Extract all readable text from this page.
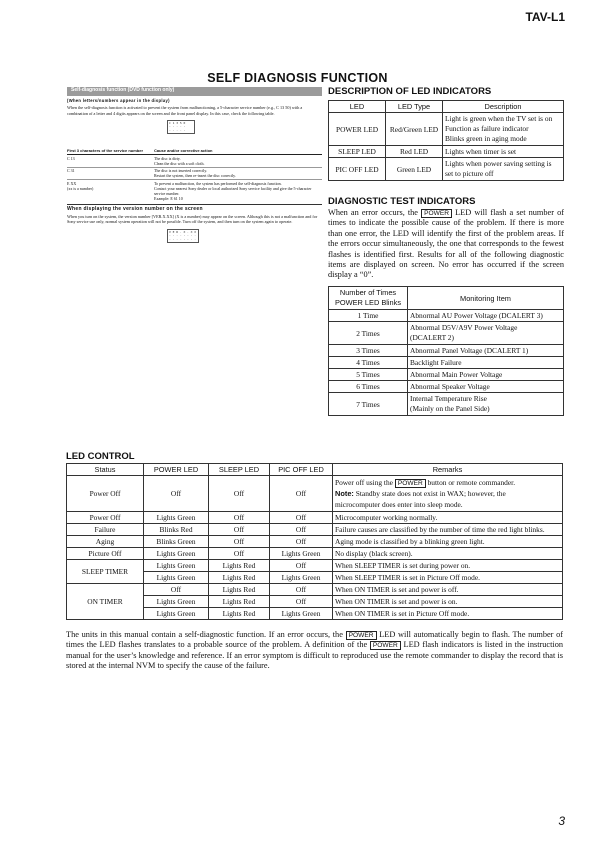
TAV-L1
SELF DIAGNOSIS FUNCTION
Self-diagnosis function (DVD function only)
(When letters/numbers appear in the display)

When the self-diagnosis function is activated to prevent the system from malfunctioning, a 5-character service number (e.g., C 13 50) with a combination of a letter and 4 digits appears on the screen and the front panel display. In this case, check the following table.

C 1 3 5 0
- - - - -
- - - - -
First 3 characters of the service number	Cause and/or corrective action
C 13	The disc is dirty.
Clean the disc with a soft cloth.
C 31	The disc is not inserted correctly.
Restart the system, then re-insert the disc correctly.
E XX
(xx is a number)	To prevent a malfunction, the system has performed the self-diagnosis function.
Contact your nearest Sony dealer or local authorized Sony service facility and give the 5-character service number.
Example: E 61 10
When displaying the version number on the screen

When you turn on the system, the version number [VER.X.XX] (X is a number) may appear on the screen. Although this is not a malfunction and for Sony service use only, normal system operation will not be possible. Turn off the system, and then turn on the system again to operate.

V E R . X . X X
- - - - - - - -
- - - - - - - -
DESCRIPTION OF LED INDICATORS
LED	LED Type	Description
POWER LED	Red/Green LED	Light is green when the TV set is on
Function as failure indicator
Blinks green in aging mode

SLEEP LED	Red LED	Lights when timer is set
PIC OFF LED	Green LED	Lights when power saving setting is set to picture off
DIAGNOSTIC TEST INDICATORS

When an error occurs, the POWER LED will flash a set number of times to indicate the possible cause of the problem. If there is more than one error, the LED will identify the first of the problem areas. If the errors occur simultaneously, the one that corresponds to the fewest flashes is identified first. Results for all of the following diagnostic items are displayed on screen. No error has occurred if the screen display a “0”.

Number of Times
POWER LED Blinks	Monitoring Item
1 Time	Abnormal AU Power Voltage (DCALERT 3)
2 Times	Abnormal D5V/A9V Power Voltage
(DCALERT 2)

3 Times	Abnormal Panel Voltage (DCALERT 1)
4 Times	Backlight Failure
5 Times	Abnormal Main Power Voltage
6 Times	Abnormal Speaker Voltage
7 Times	Internal Temperature Rise
(Mainly on the Panel Side)
LED CONTROL
Status	POWER LED	SLEEP LED	PIC OFF LED	Remarks
Power Off	Off	Off	Off	Power off using the POWER button or remote commander.
Note: Standby state does not exist in WAX; however, the
microcomputer does enter into sleep mode.

Power Off	Lights Green	Off	Off	Microcomputer working normally.
Failure	Blinks Red	Off	Off	Failure causes are classified by the number of time the red light blinks.
Aging	Blinks Green	Off	Off	Aging mode is classified by a blinking green light.
Picture Off	Lights Green	Off	Lights Green	No display (black screen).
SLEEP TIMER	Lights Green	Lights Red	Off	When SLEEP TIMER is set during power on.
	Lights Green	Lights Red	Lights Green	When SLEEP TIMER is set in Picture Off mode.
ON TIMER	Off	Lights Red	Off	When ON TIMER is set and power is off.
	Lights Green	Lights Red	Off	When ON TIMER is set and power is on.
	Lights Green	Lights Red	Lights Green	When ON TIMER is set in Picture Off mode.

The units in this manual contain a self-diagnostic function. If an error occurs, the POWER LED will automatically begin to flash. The number of times the LED flashes translates to a probable source of the problem. A definition of the POWER LED flash indicators is listed in the instruction manual for the user’s knowledge and reference. If an error symptom is difficult to reproduced use the remote commander to display the record that is stored at the internal NVM to specify the cause of the failure.

3
